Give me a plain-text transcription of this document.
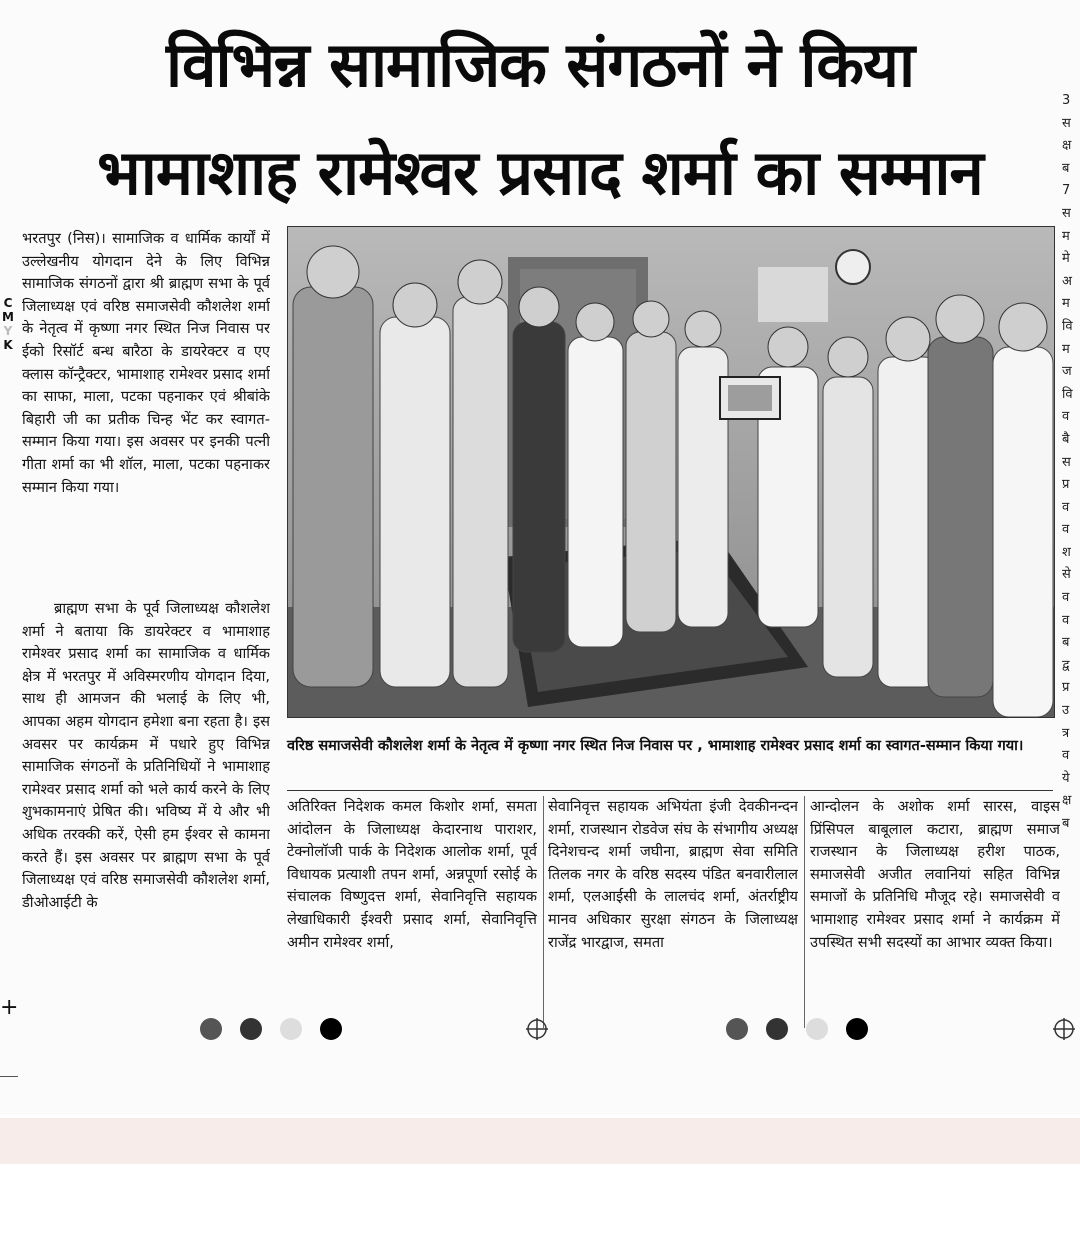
विभिन्न सामाजिक संगठनों ने किया
भामाशाह रामेश्वर प्रसाद शर्मा का सम्मान
C
M
Y
K

भरतपुर (निस)। सामाजिक व धार्मिक कार्यों में उल्लेखनीय योगदान देने के लिए विभिन्न सामाजिक संगठनों द्वारा श्री ब्राह्मण सभा के पूर्व जिलाध्यक्ष एवं वरिष्ठ समाजसेवी कौशलेश शर्मा के नेतृत्व में कृष्णा नगर स्थित निज निवास पर ईको रिसॉर्ट बन्ध बारैठा के डायरेक्टर व एए क्लास कॉन्ट्रैक्टर, भामाशाह रामेश्वर प्रसाद शर्मा का साफा, माला, पटका पहनाकर एवं श्रीबांके बिहारी जी का प्रतीक चिन्ह भेंट कर स्वागत-सम्मान किया गया। इस अवसर पर इनकी पत्नी गीता शर्मा का भी शॉल, माला, पटका पहनाकर सम्मान किया गया।

ब्राह्मण सभा के पूर्व जिलाध्यक्ष कौशलेश शर्मा ने बताया कि डायरेक्टर व भामाशाह रामेश्वर प्रसाद शर्मा का सामाजिक व धार्मिक क्षेत्र में भरतपुर में अविस्मरणीय योगदान दिया, साथ ही आमजन की भलाई के लिए भी, आपका अहम योगदान हमेशा बना रहता है। इस अवसर पर कार्यक्रम में पधारे हुए विभिन्न सामाजिक संगठनों के प्रतिनिधियों ने भामाशाह रामेश्वर प्रसाद शर्मा को भले कार्य करने के लिए शुभकामनाएं प्रेषित की। भविष्य में ये और भी अधिक तरक्की करें, ऐसी हम ईश्वर से कामना करते हैं। इस अवसर पर ब्राह्मण सभा के पूर्व जिलाध्यक्ष एवं वरिष्ठ समाजसेवी कौशलेश शर्मा, डीओआईटी के

वरिष्ठ समाजसेवी कौशलेश शर्मा के नेतृत्व में कृष्णा नगर स्थित निज निवास पर , भामाशाह रामेश्वर प्रसाद शर्मा का स्वागत-सम्मान किया गया।
अतिरिक्त निदेशक कमल किशोर शर्मा, समता आंदोलन के जिलाध्यक्ष केदारनाथ पाराशर, टेक्नोलॉजी पार्क के निदेशक आलोक शर्मा, पूर्व विधायक प्रत्याशी तपन शर्मा, अन्नपूर्णा रसोई के संचालक विष्णुदत्त शर्मा, सेवानिवृत्ति सहायक लेखाधिकारी ईश्वरी प्रसाद शर्मा, सेवानिवृत्ति अमीन रामेश्वर शर्मा,
सेवानिवृत्त सहायक अभियंता इंजी देवकीनन्दन शर्मा, राजस्थान रोडवेज संघ के संभागीय अध्यक्ष दिनेशचन्द शर्मा जघीना, ब्राह्मण सेवा समिति तिलक नगर के वरिष्ठ सदस्य पंडित बनवारीलाल शर्मा, एलआईसी के लालचंद शर्मा, अंतर्राष्ट्रीय मानव अधिकार सुरक्षा संगठन के जिलाध्यक्ष राजेंद्र भारद्वाज, समता
आन्दोलन के अशोक शर्मा सारस, वाइस प्रिंसिपल बाबूलाल कटारा, ब्राह्मण समाज राजस्थान के जिलाध्यक्ष हरीश पाठक, समाजसेवी अजीत लवानियां सहित विभिन्न समाजों के प्रतिनिधि मौजूद रहे। समाजसेवी व भामाशाह रामेश्वर प्रसाद शर्मा ने कार्यक्रम में उपस्थित सभी सदस्यों का आभार व्यक्त किया।
3
स
क्ष
ब
7
स
म
मे
अ
म
वि
म
ज
वि
व
बै
स
प्र
व
व
श
से
व
व
ब
द्व
प्र
उ
त्र
व
ये
क्ष
ब
+
